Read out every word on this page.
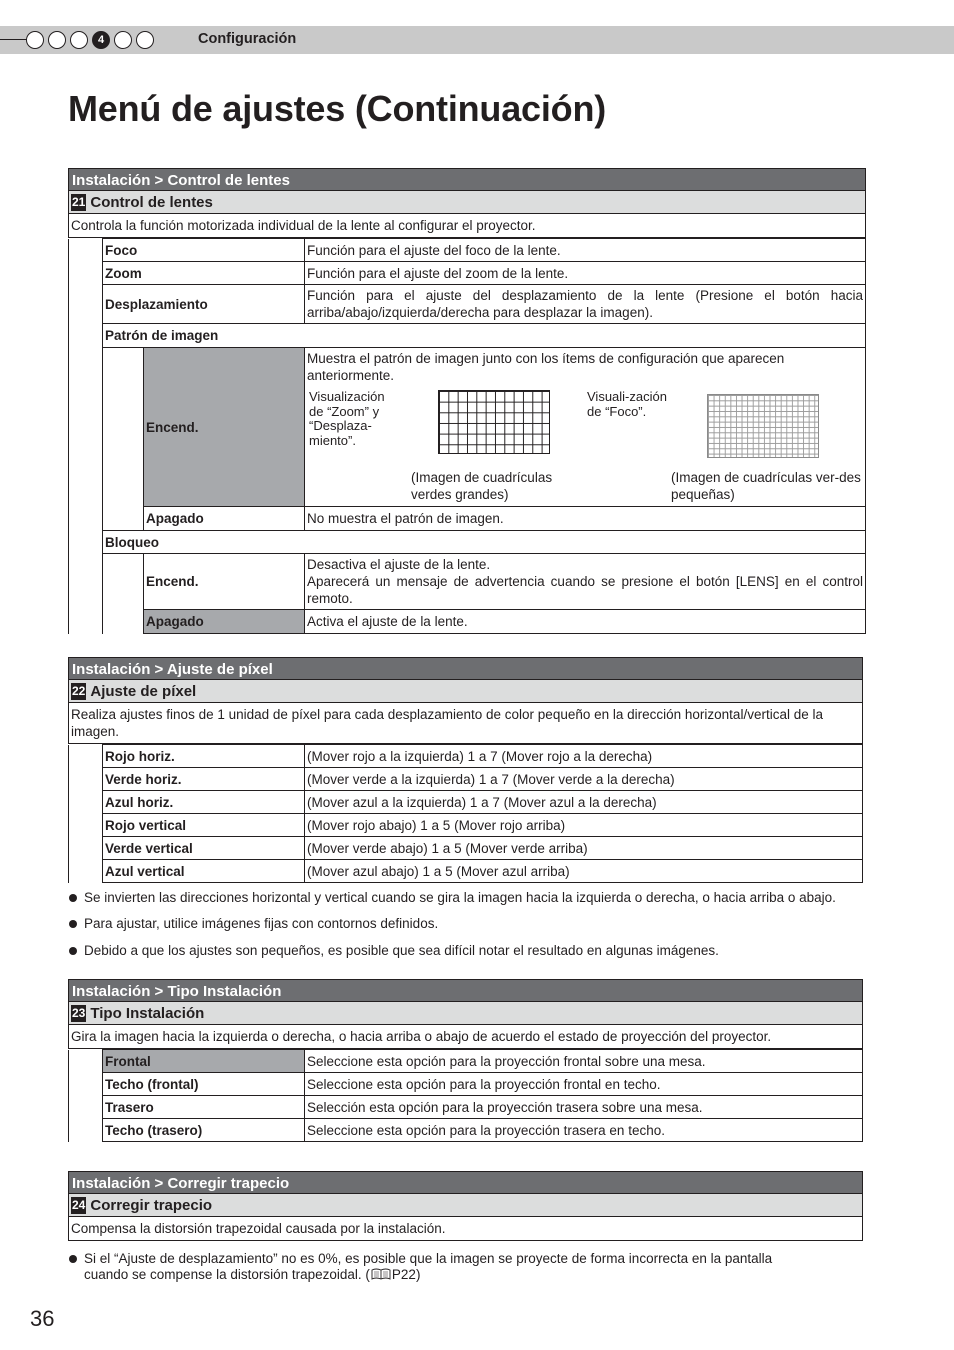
4	Configuración
Menú de ajustes (Continuación)
Instalación > Control de lentes
21 Control de lentes
Controla la función motorizada individual de la lente al configurar el proyector.
	Foco		Función para el ajuste del foco de la lente.
	Zoom		Función para el ajuste del zoom de la lente.
	Desplazamiento		Función para el ajuste del desplazamiento de la lente (Presione el botón hacia arriba/abajo/izquierda/derecha para desplazar la imagen).
	Patrón de imagen		
		Encend.	Muestra el patrón de imagen junto con los ítems de configuración que aparecen anteriormente.
Visualización de “Zoom” y “Desplaza-miento”.
Visuali-zación de “Foco”.
(Imagen de cuadrículas verdes grandes)
(Imagen de cuadrículas ver-des pequeñas)

		Apagado	No muestra el patrón de imagen.
	Bloqueo		
		Encend.	Desactiva el ajuste de la lente.
Aparecerá un mensaje de advertencia cuando se presione el botón [LENS] en el control remoto.
		Apagado	Activa el ajuste de la lente.
Instalación > Ajuste de píxel
22 Ajuste de píxel
Realiza ajustes finos de 1 unidad de píxel para cada desplazamiento de color pequeño en la dirección horizontal/vertical de la imagen.
	Rojo horiz.	(Mover rojo a la izquierda) 1 a 7 (Mover rojo a la derecha)
	Verde horiz.	(Mover verde a la izquierda) 1 a 7 (Mover verde a la derecha)
	Azul horiz.	(Mover azul a la izquierda) 1 a 7 (Mover azul a la derecha)
	Rojo vertical	(Mover rojo abajo) 1 a 5 (Mover rojo arriba)
	Verde vertical	(Mover verde abajo) 1 a 5 (Mover verde arriba)
	Azul vertical	(Mover azul abajo) 1 a 5 (Mover azul arriba)
Se invierten las direcciones horizontal y vertical cuando se gira la imagen hacia la izquierda o derecha, o hacia arriba o abajo.
Para ajustar, utilice imágenes fijas con contornos definidos.
Debido a que los ajustes son pequeños, es posible que sea difícil notar el resultado en algunas imágenes.
Instalación > Tipo Instalación
23 Tipo Instalación
Gira la imagen hacia la izquierda o derecha, o hacia arriba o abajo de acuerdo el estado de proyección del proyector.
	Frontal	Seleccione esta opción para la proyección frontal sobre una mesa.
	Techo (frontal)	Seleccione esta opción para la proyección frontal en techo.
	Trasero	Selección esta opción para la proyección trasera sobre una mesa.
	Techo (trasero)	Seleccione esta opción para la proyección trasera en techo.
Instalación > Corregir trapecio
24 Corregir trapecio
Compensa la distorsión trapezoidal causada por la instalación.
Si el “Ajuste de desplazamiento” no es 0%, es posible que la imagen se proyecte de forma incorrecta en la pantalla
cuando se compense la distorsión trapezoidal. ( P22)
36
